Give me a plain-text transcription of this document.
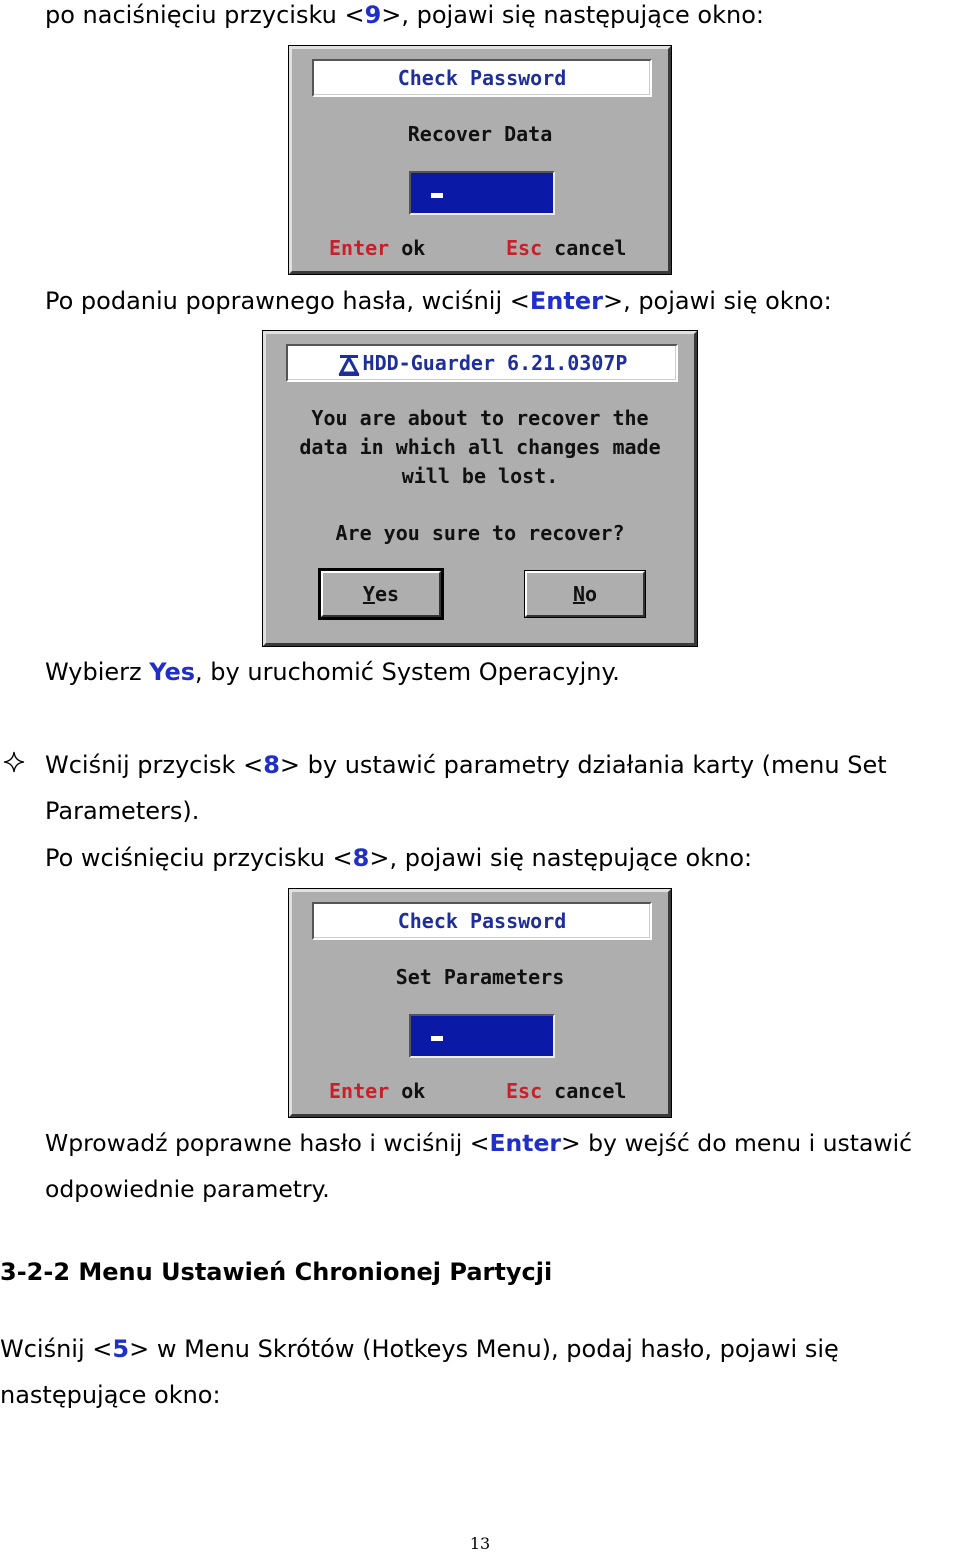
po naciśnięciu przycisku <9>, pojawi się następujące okno:
Check Password
Recover Data
Enter ok	Esc cancel
Po podaniu poprawnego hasła, wciśnij <Enter>, pojawi się okno:
HDD-Guarder 6.21.0307P
You are about to recover the
data in which all changes made
will be lost.
Are you sure to recover?
Yes	No
Wybierz Yes, by uruchomić System Operacyjny.
Wciśnij przycisk <8> by ustawić parametry działania karty (menu Set
Parameters).
Po wciśnięciu przycisku <8>, pojawi się następujące okno:
Check Password
Set Parameters
Enter ok	Esc cancel
Wprowadź poprawne hasło i wciśnij <Enter> by wejść do menu i ustawić
odpowiednie parametry.
3-2-2 Menu Ustawień Chronionej Partycji
Wciśnij <5> w Menu Skrótów (Hotkeys Menu), podaj hasło, pojawi się
następujące okno:
13
